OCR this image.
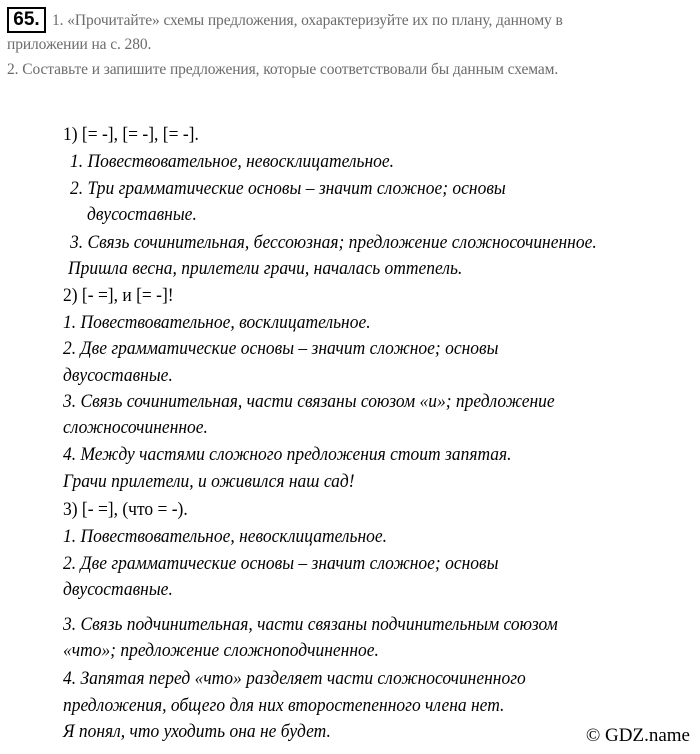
65. 1. «Прочитайте» схемы предложения, охарактеризуйте их по плану, данному в
приложении на с. 280.
2. Составьте и запишите предложения, которые соответствовали бы данным схемам.
1) [= -], [= -], [= -].
1. Повествовательное, невосклицательное.
2. Три грамматические основы – значит сложное; основы
двусоставные.
3. Связь сочинительная, бессоюзная; предложение сложносочиненное.
Пришла весна, прилетели грачи, началась оттепель.
2) [- =], и [= -]!
1. Повествовательное, восклицательное.
2. Две грамматические основы – значит сложное; основы
двусоставные.
3. Связь сочинительная, части связаны союзом «и»; предложение
сложносочиненное.
4. Между частями сложного предложения стоит запятая.
Грачи прилетели, и оживился наш сад!
3) [- =], (что = -).
1. Повествовательное, невосклицательное.
2. Две грамматические основы – значит сложное; основы
двусоставные.
3. Связь подчинительная, части связаны подчинительным союзом
«что»; предложение сложноподчиненное.
4. Запятая перед «что» разделяет части сложносочиненного
предложения, общего для них второстепенного члена нет.
Я понял, что уходить она не будет.	© GDZ.name
